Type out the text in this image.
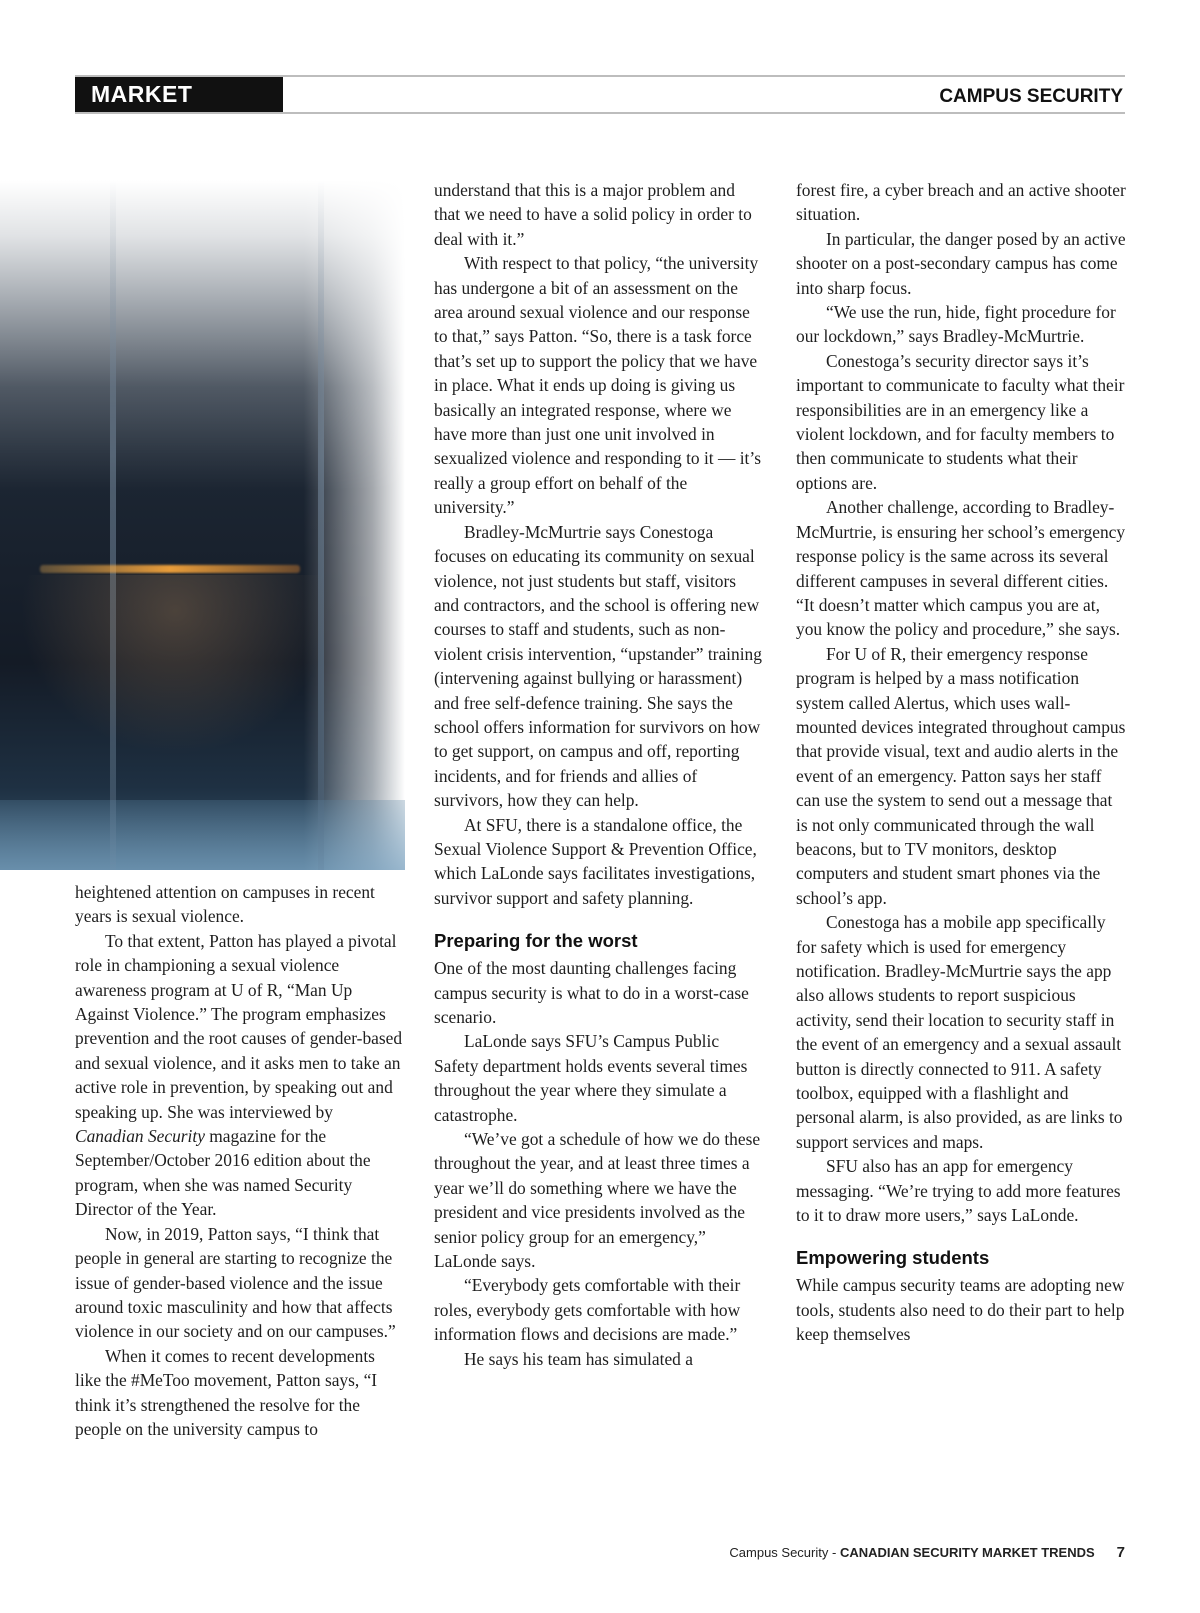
MARKET TRENDS
CAMPUS SECURITY

heightened attention on campuses in recent years is sexual violence.

To that extent, Patton has played a pivotal role in championing a sexual violence awareness program at U of R, “Man Up Against Violence.” The program emphasizes prevention and the root causes of gender-based and sexual violence, and it asks men to take an active role in prevention, by speaking out and speaking up. She was interviewed by Canadian Security magazine for the September/October 2016 edition about the program, when she was named Security Director of the Year.

Now, in 2019, Patton says, “I think that people in general are starting to recognize the issue of gender-based violence and the issue around toxic masculinity and how that affects violence in our society and on our campuses.”

When it comes to recent developments like the #MeToo movement, Patton says, “I think it’s strengthened the resolve for the people on the university campus to

understand that this is a major problem and that we need to have a solid policy in order to deal with it.”

With respect to that policy, “the university has undergone a bit of an assessment on the area around sexual violence and our response to that,” says Patton. “So, there is a task force that’s set up to support the policy that we have in place. What it ends up doing is giving us basically an integrated response, where we have more than just one unit involved in sexualized violence and responding to it — it’s really a group effort on behalf of the university.”

Bradley-McMurtrie says Conestoga focuses on educating its community on sexual violence, not just students but staff, visitors and contractors, and the school is offering new courses to staff and students, such as non-violent crisis intervention, “upstander” training (intervening against bullying or harassment) and free self-defence training. She says the school offers information for survivors on how to get support, on campus and off, reporting incidents, and for friends and allies of survivors, how they can help.

At SFU, there is a standalone office, the Sexual Violence Support & Prevention Office, which LaLonde says facilitates investigations, survivor support and safety planning.

Preparing for the worst

One of the most daunting challenges facing campus security is what to do in a worst-case scenario.

LaLonde says SFU’s Campus Public Safety department holds events several times throughout the year where they simulate a catastrophe.

“We’ve got a schedule of how we do these throughout the year, and at least three times a year we’ll do something where we have the president and vice presidents involved as the senior policy group for an emergency,” LaLonde says.

“Everybody gets comfortable with their roles, everybody gets comfortable with how information flows and decisions are made.”

He says his team has simulated a

forest fire, a cyber breach and an active shooter situation.

In particular, the danger posed by an active shooter on a post-secondary campus has come into sharp focus.

“We use the run, hide, fight procedure for our lockdown,” says Bradley-McMurtrie.

Conestoga’s security director says it’s important to communicate to faculty what their responsibilities are in an emergency like a violent lockdown, and for faculty members to then communicate to students what their options are.

Another challenge, according to Bradley-McMurtrie, is ensuring her school’s emergency response policy is the same across its several different campuses in several different cities. “It doesn’t matter which campus you are at, you know the policy and procedure,” she says.

For U of R, their emergency response program is helped by a mass notification system called Alertus, which uses wall-mounted devices integrated throughout campus that provide visual, text and audio alerts in the event of an emergency. Patton says her staff can use the system to send out a message that is not only communicated through the wall beacons, but to TV monitors, desktop computers and student smart phones via the school’s app.

Conestoga has a mobile app specifically for safety which is used for emergency notification. Bradley-McMurtrie says the app also allows students to report suspicious activity, send their location to security staff in the event of an emergency and a sexual assault button is directly connected to 911. A safety toolbox, equipped with a flashlight and personal alarm, is also provided, as are links to support services and maps.

SFU also has an app for emergency messaging. “We’re trying to add more features to it to draw more users,” says LaLonde.

Empowering students

While campus security teams are adopting new tools, students also need to do their part to help keep themselves

Campus Security - CANADIAN SECURITY MARKET TRENDS 7
